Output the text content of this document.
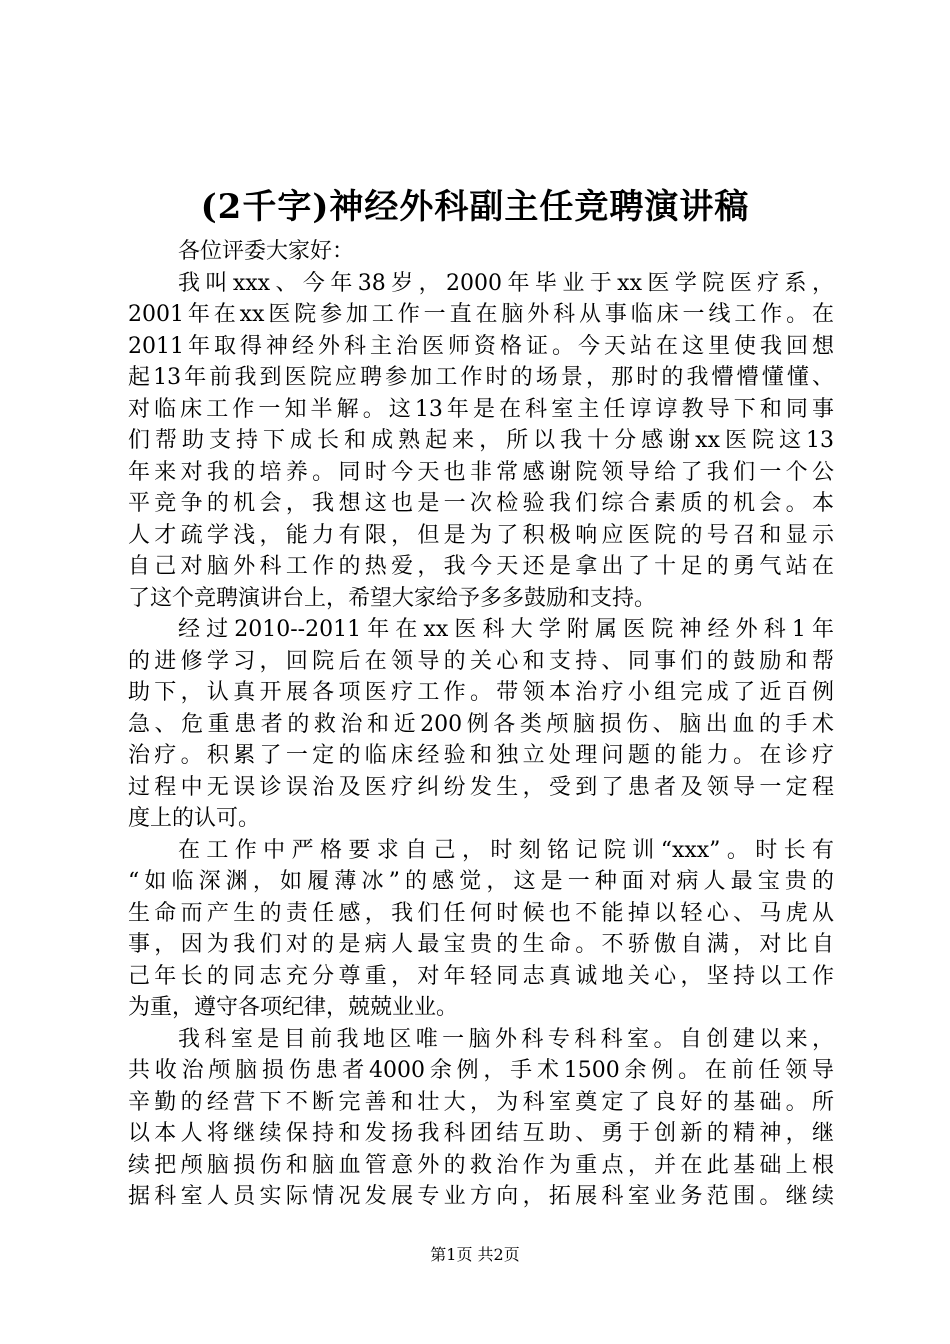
(2千字)神经外科副主任竞聘演讲稿
各位评委大家好：
我叫xxx、今年38岁，2000年毕业于xx医学院医疗系，
2001年在xx医院参加工作一直在脑外科从事临床一线工作。在
2011年取得神经外科主治医师资格证。今天站在这里使我回想
起13年前我到医院应聘参加工作时的场景，那时的我懵懵懂懂、
对临床工作一知半解。这13年是在科室主任谆谆教导下和同事
们帮助支持下成长和成熟起来，所以我十分感谢xx医院这13
年来对我的培养。同时今天也非常感谢院领导给了我们一个公
平竞争的机会，我想这也是一次检验我们综合素质的机会。本
人才疏学浅，能力有限，但是为了积极响应医院的号召和显示
自己对脑外科工作的热爱，我今天还是拿出了十足的勇气站在
了这个竞聘演讲台上，希望大家给予多多鼓励和支持。
经过2010--2011年在xx医科大学附属医院神经外科1年
的进修学习，回院后在领导的关心和支持、同事们的鼓励和帮
助下，认真开展各项医疗工作。带领本治疗小组完成了近百例
急、危重患者的救治和近200例各类颅脑损伤、脑出血的手术
治疗。积累了一定的临床经验和独立处理问题的能力。在诊疗
过程中无误诊误治及医疗纠纷发生，受到了患者及领导一定程
度上的认可。
在工作中严格要求自己，时刻铭记院训“xxx”。时长有
“如临深渊，如履薄冰”的感觉，这是一种面对病人最宝贵的
生命而产生的责任感，我们任何时候也不能掉以轻心、马虎从
事，因为我们对的是病人最宝贵的生命。不骄傲自满，对比自
己年长的同志充分尊重，对年轻同志真诚地关心，坚持以工作
为重，遵守各项纪律，兢兢业业。
我科室是目前我地区唯一脑外科专科科室。自创建以来，
共收治颅脑损伤患者4000余例，手术1500余例。在前任领导
辛勤的经营下不断完善和壮大，为科室奠定了良好的基础。所
以本人将继续保持和发扬我科团结互助、勇于创新的精神，继
续把颅脑损伤和脑血管意外的救治作为重点，并在此基础上根
据科室人员实际情况发展专业方向，拓展科室业务范围。继续
第1页 共2页
